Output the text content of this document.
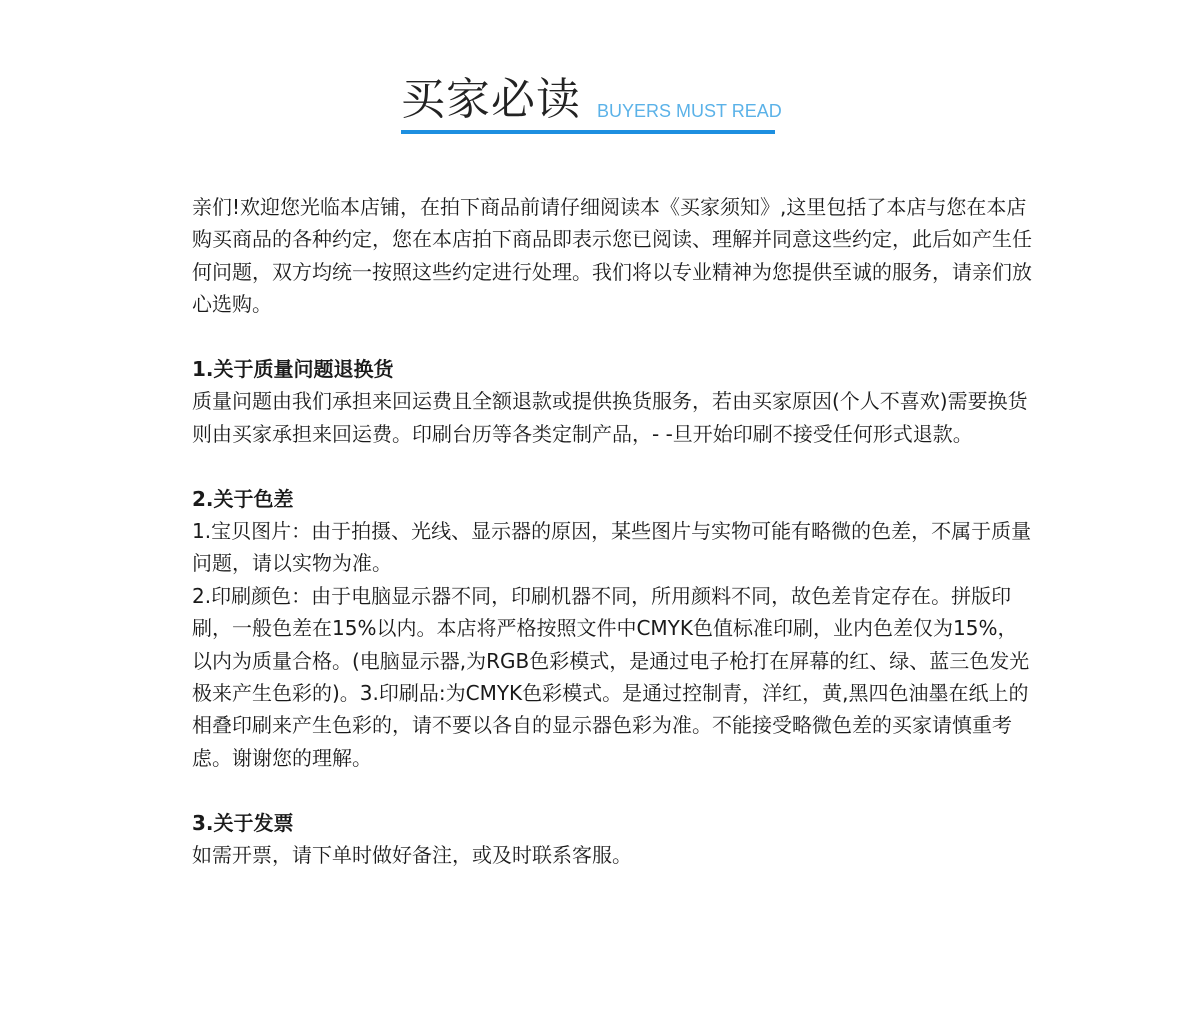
买家必读 BUYERS MUST READ

亲们!欢迎您光临本店铺，在拍下商品前请仔细阅读本《买家须知》,这里包括了本店与您在本店购买商品的各种约定，您在本店拍下商品即表示您已阅读、理解并同意这些约定，此后如产生任何问题，双方均统一按照这些约定进行处理。我们将以专业精神为您提供至诚的服务，请亲们放心选购。

1.关于质量问题退换货

质量问题由我们承担来回运费且全额退款或提供换货服务，若由买家原因(个人不喜欢)需要换货则由买家承担来回运费。印刷台历等各类定制产品，- -旦开始印刷不接受任何形式退款。

2.关于色差

1.宝贝图片：由于拍摄、光线、显示器的原因，某些图片与实物可能有略微的色差，不属于质量问题，请以实物为准。

2.印刷颜色：由于电脑显示器不同，印刷机器不同，所用颜料不同，故色差肯定存在。拼版印刷，一般色差在15%以内。本店将严格按照文件中CMYK色值标准印刷，业内色差仅为15%，以内为质量合格。(电脑显示器,为RGB色彩模式，是通过电子枪打在屏幕的红、绿、蓝三色发光极来产生色彩的)。3.印刷品:为CMYK色彩模式。是通过控制青，洋红，黄,黑四色油墨在纸上的相叠印刷来产生色彩的，请不要以各自的显示器色彩为准。不能接受略微色差的买家请慎重考虑。谢谢您的理解。

3.关于发票

如需开票，请下单时做好备注，或及时联系客服。
